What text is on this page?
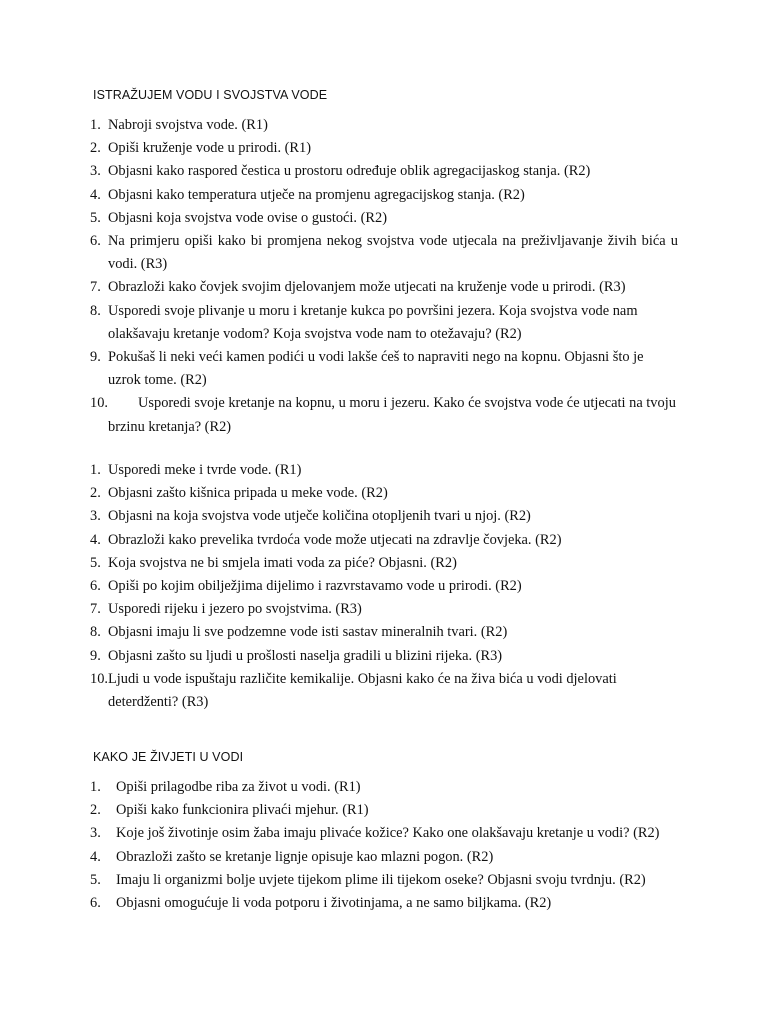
ISTRAŽUJEM VODU I SVOJSTVA VODE
1. Nabroji svojstva vode. (R1)
2. Opiši kruženje vode u prirodi. (R1)
3. Objasni kako raspored čestica u prostoru određuje oblik agregacijaskog stanja. (R2)
4. Objasni kako temperatura utječe na promjenu agregacijskog stanja. (R2)
5. Objasni koja svojstva vode ovise o gustoći. (R2)
6. Na primjeru opiši kako bi promjena nekog svojstva vode utjecala na preživljavanje živih bića u vodi. (R3)
7. Obrazloži kako čovjek svojim djelovanjem može utjecati na kruženje vode u prirodi. (R3)
8. Usporedi svoje plivanje u moru i kretanje kukca po površini jezera. Koja svojstva vode nam olakšavaju kretanje vodom? Koja svojstva vode nam to otežavaju? (R2)
9. Pokušaš li neki veći kamen podići u vodi lakše ćeš to napraviti nego na kopnu. Objasni što je uzrok tome. (R2)
10. Usporedi svoje kretanje na kopnu, u moru i jezeru. Kako će svojstva vode će utjecati na tvoju brzinu kretanja? (R2)
1. Usporedi meke i tvrde vode. (R1)
2. Objasni zašto kišnica pripada u meke vode. (R2)
3. Objasni na koja svojstva vode utječe količina otopljenih tvari u njoj. (R2)
4. Obrazloži kako prevelika tvrdoća vode može utjecati na zdravlje čovjeka. (R2)
5. Koja svojstva ne bi smjela imati voda za piće? Objasni. (R2)
6. Opiši po kojim obilježjima dijelimo i razvrstavamo vode u prirodi. (R2)
7. Usporedi rijeku i jezero po svojstvima. (R3)
8. Objasni imaju li sve podzemne vode isti sastav mineralnih tvari. (R2)
9. Objasni zašto su ljudi u prošlosti naselja gradili u blizini rijeka. (R3)
10. Ljudi u vode ispuštaju različite kemikalije. Objasni kako će na živa bića u vodi djelovati deterdženti? (R3)
KAKO JE ŽIVJETI U VODI
1. Opiši prilagodbe riba za život u vodi. (R1)
2. Opiši kako funkcionira plivaći mjehur. (R1)
3. Koje još životinje osim žaba imaju plivaće kožice? Kako one olakšavaju kretanje u vodi? (R2)
4. Obrazloži zašto se kretanje lignje opisuje kao mlazni pogon. (R2)
5. Imaju li organizmi bolje uvjete tijekom plime ili tijekom oseke? Objasni svoju tvrdnju. (R2)
6. Objasni omogućuje li voda potporu i životinjama, a ne samo biljkama. (R2)
